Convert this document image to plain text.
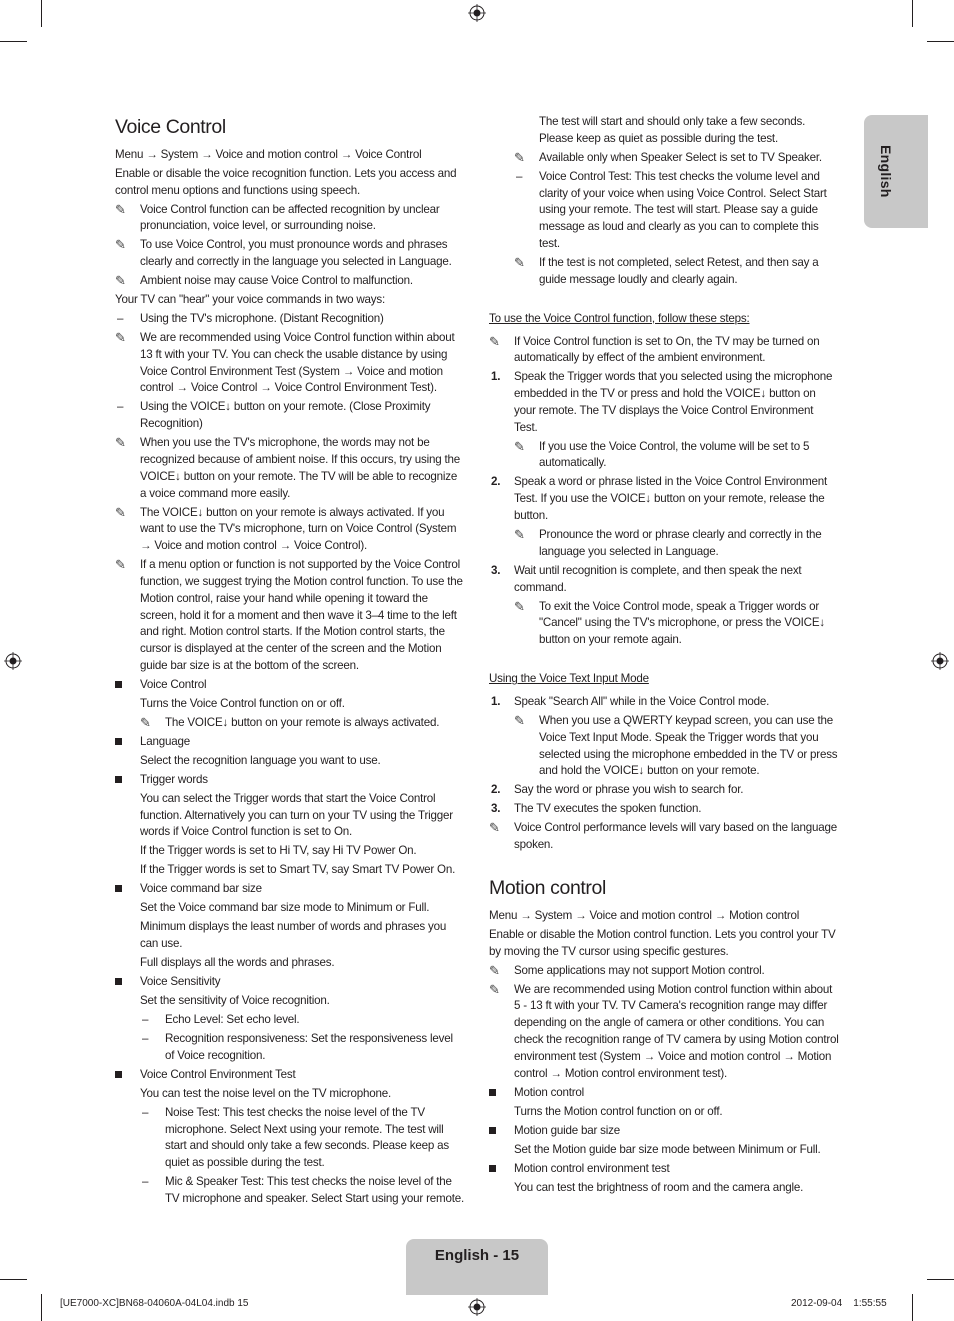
English
Voice Control
Menu → System → Voice and motion control → Voice Control
Enable or disable the voice recognition function. Lets you access and control menu options and functions using speech.
✎ Voice Control function can be affected recognition by unclear pronunciation, voice level, or surrounding noise.
✎ To use Voice Control, you must pronounce words and phrases clearly and correctly in the language you selected in Language.
✎ Ambient noise may cause Voice Control to malfunction.
Your TV can "hear" your voice commands in two ways:
– Using the TV's microphone. (Distant Recognition)
✎ We are recommended using Voice Control function within about 13 ft with your TV. You can check the usable distance by using Voice Control Environment Test (System → Voice and motion control → Voice Control → Voice Control Environment Test).
– Using the VOICE↓ button on your remote. (Close Proximity Recognition)
✎ When you use the TV's microphone, the words may not be recognized because of ambient noise. If this occurs, try using the VOICE↓ button on your remote. The TV will be able to recognize a voice command more easily.
✎ The VOICE↓ button on your remote is always activated. If you want to use the TV's microphone, turn on Voice Control (System → Voice and motion control → Voice Control).
✎ If a menu option or function is not supported by the Voice Control function, we suggest trying the Motion control function. To use the Motion control, raise your hand while opening it toward the screen, hold it for a moment and then wave it 3–4 time to the left and right. Motion control starts. If the Motion control starts, the cursor is displayed at the center of the screen and the Motion guide bar size is at the bottom of the screen.
Voice Control
Turns the Voice Control function on or off.
✎ The VOICE↓ button on your remote is always activated.
Language
Select the recognition language you want to use.
Trigger words
You can select the Trigger words that start the Voice Control function. Alternatively you can turn on your TV using the Trigger words if Voice Control function is set to On.
If the Trigger words is set to Hi TV, say Hi TV Power On.
If the Trigger words is set to Smart TV, say Smart TV Power On.
Voice command bar size
Set the Voice command bar size mode to Minimum or Full.
Minimum displays the least number of words and phrases you can use.
Full displays all the words and phrases.
Voice Sensitivity
Set the sensitivity of Voice recognition.
– Echo Level: Set echo level.
– Recognition responsiveness: Set the responsiveness level of Voice recognition.
Voice Control Environment Test
You can test the noise level on the TV microphone.
– Noise Test: This test checks the noise level of the TV microphone. Select Next using your remote. The test will start and should only take a few seconds. Please keep as quiet as possible during the test.
– Mic & Speaker Test: This test checks the noise level of the TV microphone and speaker. Select Start using your remote.
The test will start and should only take a few seconds. Please keep as quiet as possible during the test.
✎ Available only when Speaker Select is set to TV Speaker.
– Voice Control Test: This test checks the volume level and clarity of your voice when using Voice Control. Select Start using your remote. The test will start. Please say a guide message as loud and clearly as you can to complete this test.
✎ If the test is not completed, select Retest, and then say a guide message loudly and clearly again.
To use the Voice Control function, follow these steps:
✎ If Voice Control function is set to On, the TV may be turned on automatically by effect of the ambient environment.
1. Speak the Trigger words that you selected using the microphone embedded in the TV or press and hold the VOICE↓ button on your remote. The TV displays the Voice Control Environment Test.
✎ If you use the Voice Control, the volume will be set to 5 automatically.
2. Speak a word or phrase listed in the Voice Control Environment Test. If you use the VOICE↓ button on your remote, release the button.
✎ Pronounce the word or phrase clearly and correctly in the language you selected in Language.
3. Wait until recognition is complete, and then speak the next command.
✎ To exit the Voice Control mode, speak a Trigger words or "Cancel" using the TV's microphone, or press the VOICE↓ button on your remote again.
Using the Voice Text Input Mode
1. Speak "Search All" while in the Voice Control mode.
✎ When you use a QWERTY keypad screen, you can use the Voice Text Input Mode. Speak the Trigger words that you selected using the microphone embedded in the TV or press and hold the VOICE↓ button on your remote.
2. Say the word or phrase you wish to search for.
3. The TV executes the spoken function.
✎ Voice Control performance levels will vary based on the language spoken.
Motion control
Menu → System → Voice and motion control → Motion control
Enable or disable the Motion control function. Lets you control your TV by moving the TV cursor using specific gestures.
✎ Some applications may not support Motion control.
✎ We are recommended using Motion control function within about 5 - 13 ft with your TV. TV Camera's recognition range may differ depending on the angle of camera or other conditions. You can check the recognition range of TV camera by using Motion control environment test (System → Voice and motion control → Motion control → Motion control environment test).
Motion control
Turns the Motion control function on or off.
Motion guide bar size
Set the Motion guide bar size mode between Minimum or Full.
Motion control environment test
You can test the brightness of room and the camera angle.
English - 15
[UE7000-XC]BN68-04060A-04L04.indb 15	2012-09-04    1:55:55
